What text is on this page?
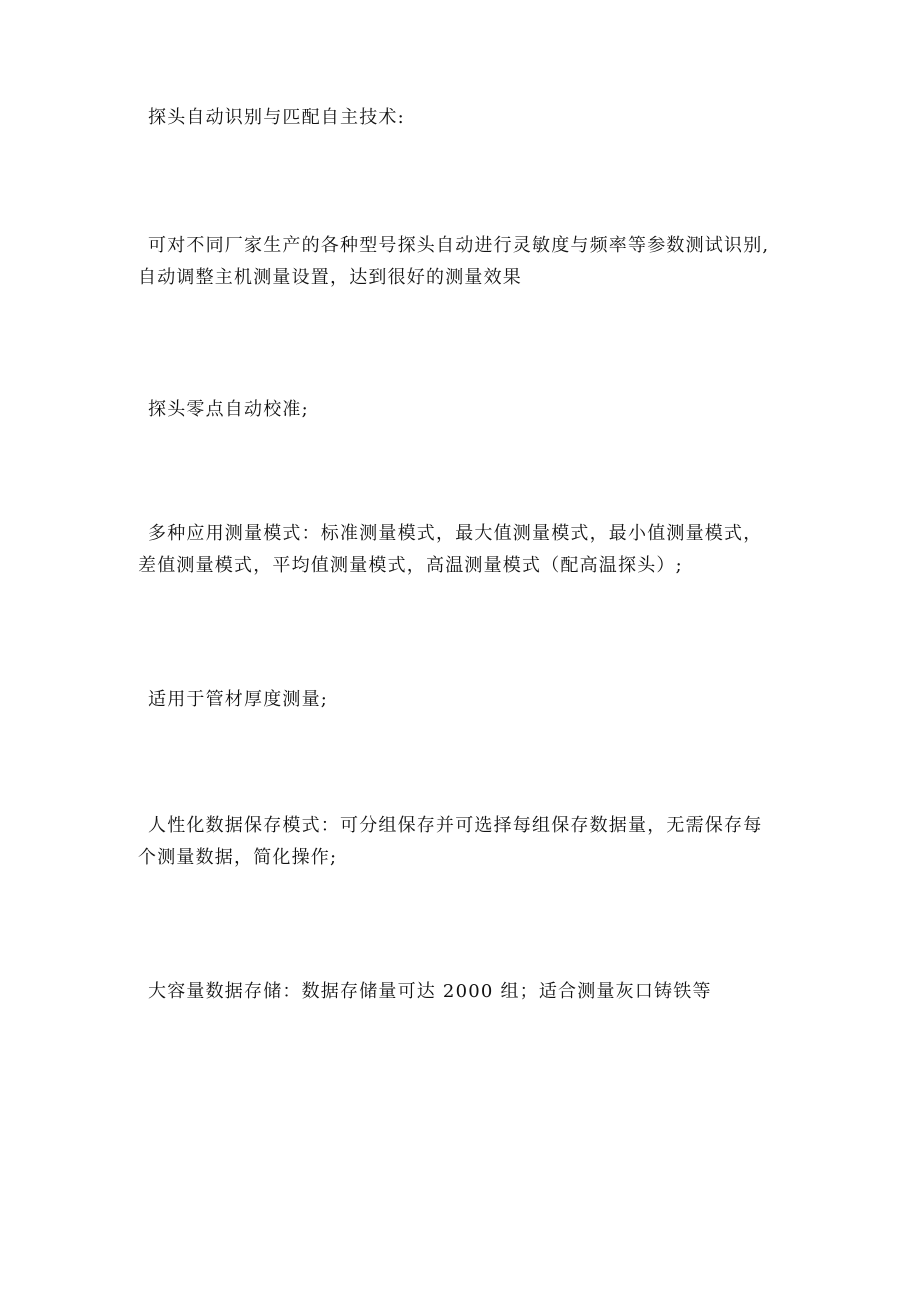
探头自动识别与匹配自主技术:
可对不同厂家生产的各种型号探头自动进行灵敏度与频率等参数测试识别,
自动调整主机测量设置，达到很好的测量效果
探头零点自动校准;
多种应用测量模式：标准测量模式，最大值测量模式，最小值测量模式，
差值测量模式，平均值测量模式，高温测量模式（配高温探头）;
适用于管材厚度测量;
人性化数据保存模式：可分组保存并可选择每组保存数据量，无需保存每
个测量数据，简化操作;
大容量数据存储：数据存储量可达 2000 组；适合测量灰口铸铁等
